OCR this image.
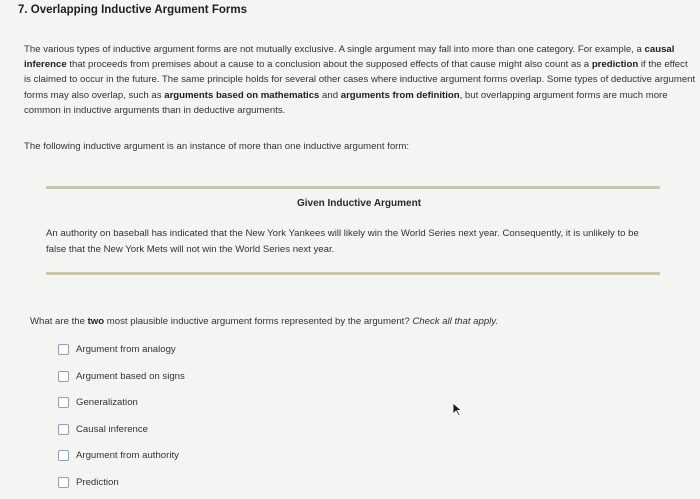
7. Overlapping Inductive Argument Forms
The various types of inductive argument forms are not mutually exclusive. A single argument may fall into more than one category. For example, a causal inference that proceeds from premises about a cause to a conclusion about the supposed effects of that cause might also count as a prediction if the effect is claimed to occur in the future. The same principle holds for several other cases where inductive argument forms overlap. Some types of deductive argument forms may also overlap, such as arguments based on mathematics and arguments from definition, but overlapping argument forms are much more common in inductive arguments than in deductive arguments.
The following inductive argument is an instance of more than one inductive argument form:
Given Inductive Argument
An authority on baseball has indicated that the New York Yankees will likely win the World Series next year. Consequently, it is unlikely to be false that the New York Mets will not win the World Series next year.
What are the two most plausible inductive argument forms represented by the argument? Check all that apply.
Argument from analogy
Argument based on signs
Generalization
Causal inference
Argument from authority
Prediction
